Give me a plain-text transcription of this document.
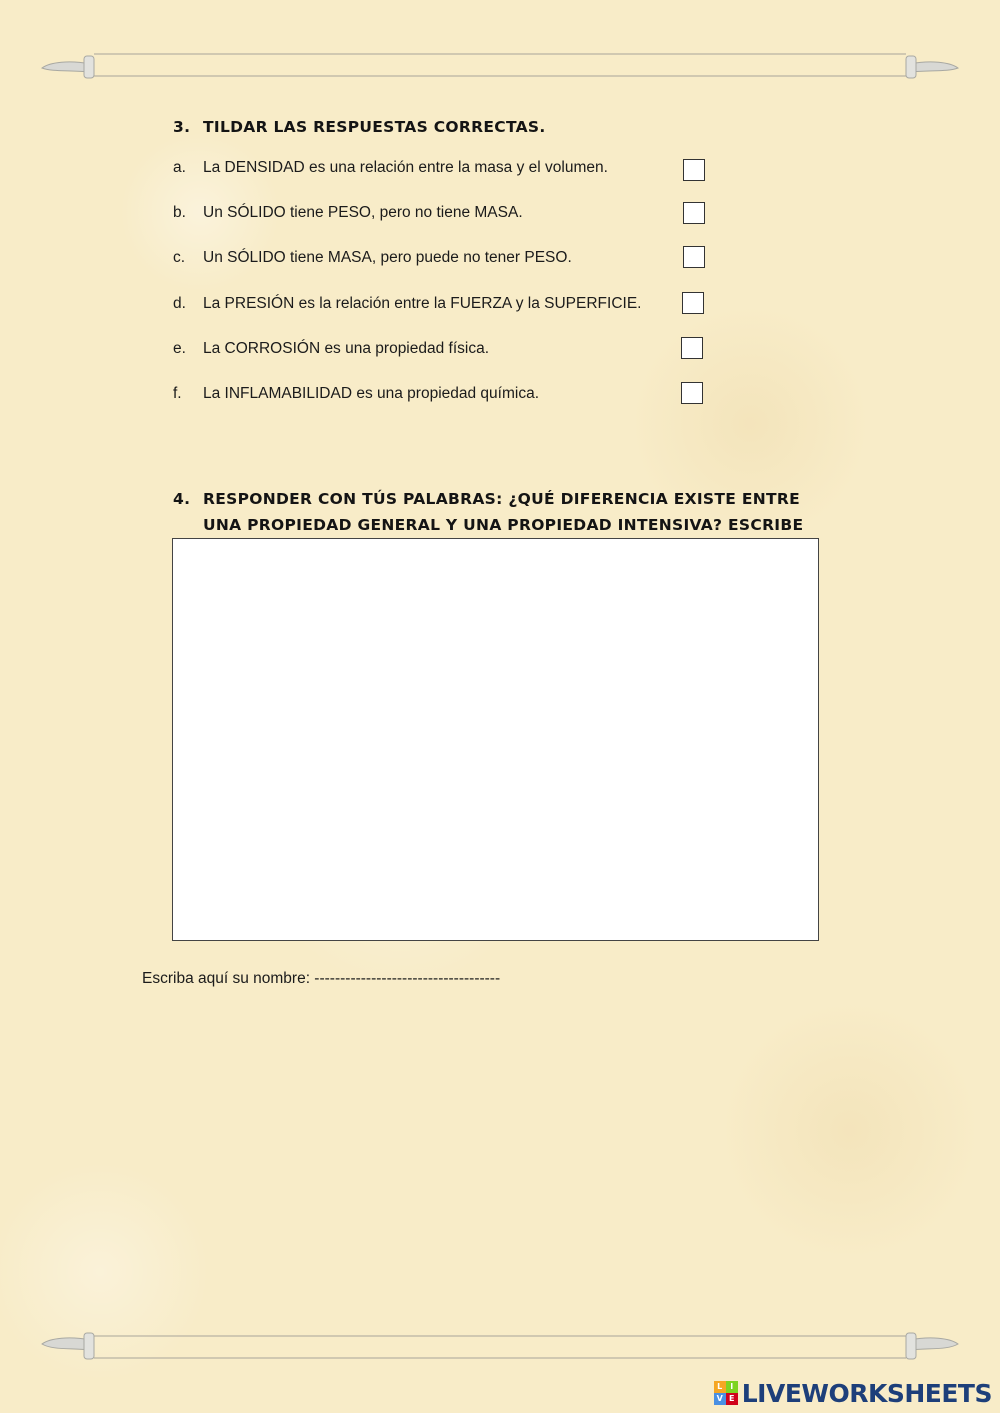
3. TILDAR LAS RESPUESTAS CORRECTAS.
a. La DENSIDAD es una relación entre la masa y el volumen.
b. Un SÓLIDO tiene PESO, pero no tiene MASA.
c. Un SÓLIDO tiene MASA, pero puede no tener PESO.
d. La PRESIÓN es la relación entre la FUERZA y la SUPERFICIE.
e. La CORROSIÓN es una propiedad física.
f. La INFLAMABILIDAD es una propiedad química.
4. RESPONDER CON TÚS PALABRAS: ¿QUÉ DIFERENCIA EXISTE ENTRE UNA PROPIEDAD GENERAL Y UNA PROPIEDAD INTENSIVA? ESCRIBE
Escriba aquí su nombre: ------------------------------------
L I
V E LIVEWORKSHEETS
